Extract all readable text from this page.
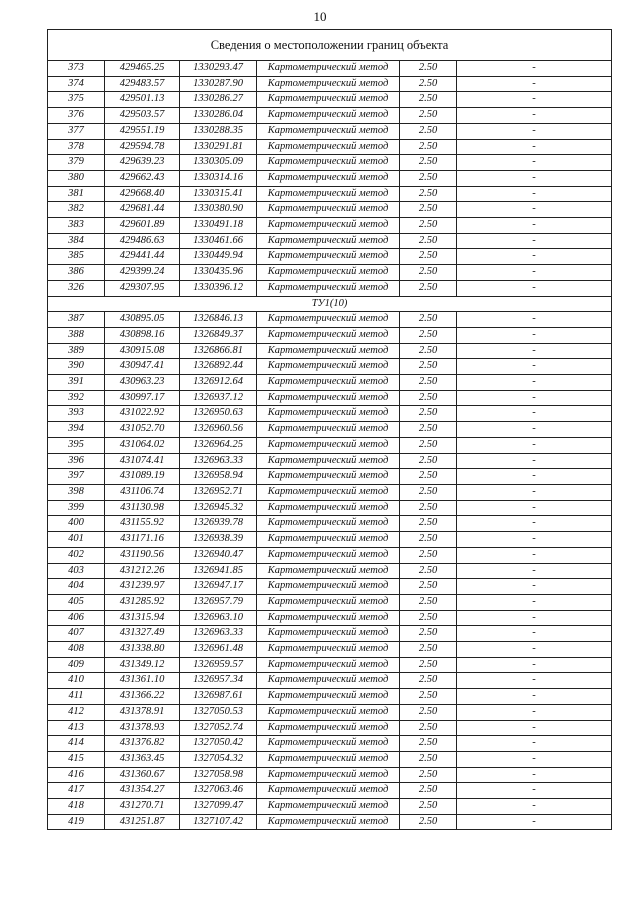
10
Сведения о местоположении границ объекта					
373	429465.25	1330293.47	Картометрический метод	2.50	-
374	429483.57	1330287.90	Картометрический метод	2.50	-
375	429501.13	1330286.27	Картометрический метод	2.50	-
376	429503.57	1330286.04	Картометрический метод	2.50	-
377	429551.19	1330288.35	Картометрический метод	2.50	-
378	429594.78	1330291.81	Картометрический метод	2.50	-
379	429639.23	1330305.09	Картометрический метод	2.50	-
380	429662.43	1330314.16	Картометрический метод	2.50	-
381	429668.40	1330315.41	Картометрический метод	2.50	-
382	429681.44	1330380.90	Картометрический метод	2.50	-
383	429601.89	1330491.18	Картометрический метод	2.50	-
384	429486.63	1330461.66	Картометрический метод	2.50	-
385	429441.44	1330449.94	Картометрический метод	2.50	-
386	429399.24	1330435.96	Картометрический метод	2.50	-
326	429307.95	1330396.12	Картометрический метод	2.50	-
ТУ1(10)					
387	430895.05	1326846.13	Картометрический метод	2.50	-
388	430898.16	1326849.37	Картометрический метод	2.50	-
389	430915.08	1326866.81	Картометрический метод	2.50	-
390	430947.41	1326892.44	Картометрический метод	2.50	-
391	430963.23	1326912.64	Картометрический метод	2.50	-
392	430997.17	1326937.12	Картометрический метод	2.50	-
393	431022.92	1326950.63	Картометрический метод	2.50	-
394	431052.70	1326960.56	Картометрический метод	2.50	-
395	431064.02	1326964.25	Картометрический метод	2.50	-
396	431074.41	1326963.33	Картометрический метод	2.50	-
397	431089.19	1326958.94	Картометрический метод	2.50	-
398	431106.74	1326952.71	Картометрический метод	2.50	-
399	431130.98	1326945.32	Картометрический метод	2.50	-
400	431155.92	1326939.78	Картометрический метод	2.50	-
401	431171.16	1326938.39	Картометрический метод	2.50	-
402	431190.56	1326940.47	Картометрический метод	2.50	-
403	431212.26	1326941.85	Картометрический метод	2.50	-
404	431239.97	1326947.17	Картометрический метод	2.50	-
405	431285.92	1326957.79	Картометрический метод	2.50	-
406	431315.94	1326963.10	Картометрический метод	2.50	-
407	431327.49	1326963.33	Картометрический метод	2.50	-
408	431338.80	1326961.48	Картометрический метод	2.50	-
409	431349.12	1326959.57	Картометрический метод	2.50	-
410	431361.10	1326957.34	Картометрический метод	2.50	-
411	431366.22	1326987.61	Картометрический метод	2.50	-
412	431378.91	1327050.53	Картометрический метод	2.50	-
413	431378.93	1327052.74	Картометрический метод	2.50	-
414	431376.82	1327050.42	Картометрический метод	2.50	-
415	431363.45	1327054.32	Картометрический метод	2.50	-
416	431360.67	1327058.98	Картометрический метод	2.50	-
417	431354.27	1327063.46	Картометрический метод	2.50	-
418	431270.71	1327099.47	Картометрический метод	2.50	-
419	431251.87	1327107.42	Картометрический метод	2.50	-
